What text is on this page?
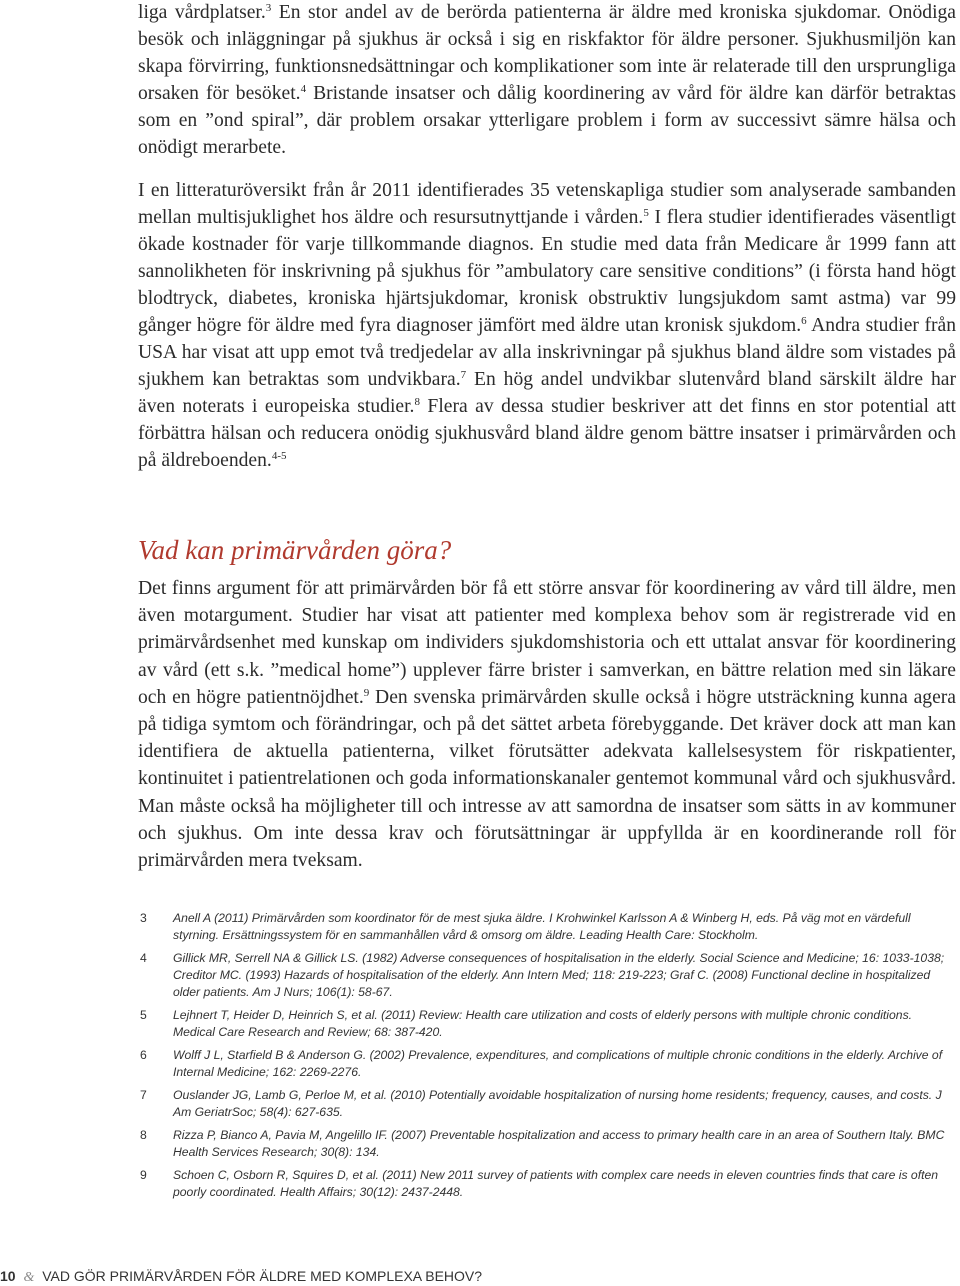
liga vårdplatser.$^3$ En stor andel av de berörda patienterna är äldre med kroniska sjukdomar. Onödiga besök och inläggningar på sjukhus är också i sig en riskfaktor för äldre personer. Sjukhusmiljön kan skapa förvirring, funktionsnedsättningar och komplikationer som inte är relaterade till den ursprungliga orsaken för besöket.$^4$ Bristande insatser och dålig koordinering av vård för äldre kan därför betraktas som en ”ond spiral”, där problem orsakar ytterligare problem i form av successivt sämre hälsa och onödigt merarbete.

I en litteraturöversikt från år 2011 identifierades 35 vetenskapliga studier som analyserade sambanden mellan multisjuklighet hos äldre och resursutnyttjande i vården.$^5$ I flera studier identifierades väsentligt ökade kostnader för varje tillkommande diagnos. En studie med data från Medicare år 1999 fann att sannolikheten för inskrivning på sjukhus för ”ambulatory care sensitive conditions” (i första hand högt blodtryck, diabetes, kroniska hjärtsjukdomar, kronisk obstruktiv lungsjukdom samt astma) var 99 gånger högre för äldre med fyra diagnoser jämfört med äldre utan kronisk sjukdom.$^6$ Andra studier från USA har visat att upp emot två tredjedelar av alla inskrivningar på sjukhus bland äldre som vistades på sjukhem kan betraktas som undvikbara.$^7$ En hög andel undvikbar slutenvård bland särskilt äldre har även noterats i europeiska studier.$^8$ Flera av dessa studier beskriver att det finns en stor potential att förbättra hälsan och reducera onödig sjukhusvård bland äldre genom bättre insatser i primärvården och på äldreboenden.$^{4-5}$

Vad kan primärvården göra?

Det finns argument för att primärvården bör få ett större ansvar för koordinering av vård till äldre, men även motargument. Studier har visat att patienter med komplexa behov som är registrerade vid en primärvårdsenhet med kunskap om individers sjukdomshistoria och ett uttalat ansvar för koordinering av vård (ett s.k. ”medical home”) upplever färre brister i samverkan, en bättre relation med sin läkare och en högre patientnöjdhet.$^9$ Den svenska primärvården skulle också i högre utsträckning kunna agera på tidiga symtom och förändringar, och på det sättet arbeta förebyggande. Det kräver dock att man kan identifiera de aktuella patienterna, vilket förutsätter adekvata kallelsesystem för riskpatienter, kontinuitet i patientrelationen och goda informationskanaler gentemot kommunal vård och sjukhusvård. Man måste också ha möjligheter till och intresse av att samordna de insatser som sätts in av kommuner och sjukhus. Om inte dessa krav och förutsättningar är uppfyllda är en koordinerande roll för primärvården mera tveksam.

3 Anell A (2011) Primärvården som koordinator för de mest sjuka äldre. I Krohwinkel Karlsson A & Winberg H, eds. På väg mot en värdefull styrning. Ersättningssystem för en sammanhållen vård & omsorg om äldre. Leading Health Care: Stockholm.
4 Gillick MR, Serrell NA & Gillick LS. (1982) Adverse consequences of hospitalisation in the elderly. Social Science and Medicine; 16: 1033-1038; Creditor MC. (1993) Hazards of hospitalisation of the elderly. Ann Intern Med; 118: 219-223; Graf C. (2008) Functional decline in hospitalized older patients. Am J Nurs; 106(1): 58-67.
5 Lejhnert T, Heider D, Heinrich S, et al. (2011) Review: Health care utilization and costs of elderly persons with multiple chronic conditions. Medical Care Research and Review; 68: 387-420.
6 Wolff J L, Starfield B & Anderson G. (2002) Prevalence, expenditures, and complications of multiple chronic conditions in the elderly. Archive of Internal Medicine; 162: 2269-2276.
7 Ouslander JG, Lamb G, Perloe M, et al. (2010) Potentially avoidable hospitalization of nursing home residents; frequency, causes, and costs. J Am GeriatrSoc; 58(4): 627-635.
8 Rizza P, Bianco A, Pavia M, Angelillo IF. (2007) Preventable hospitalization and access to primary health care in an area of Southern Italy. BMC Health Services Research; 30(8): 134.
9 Schoen C, Osborn R, Squires D, et al. (2011) New 2011 survey of patients with complex care needs in eleven countries finds that care is often poorly coordinated. Health Affairs; 30(12): 2437-2448.
10 & VAD GÖR PRIMÄRVÅRDEN FÖR ÄLDRE MED KOMPLEXA BEHOV?
